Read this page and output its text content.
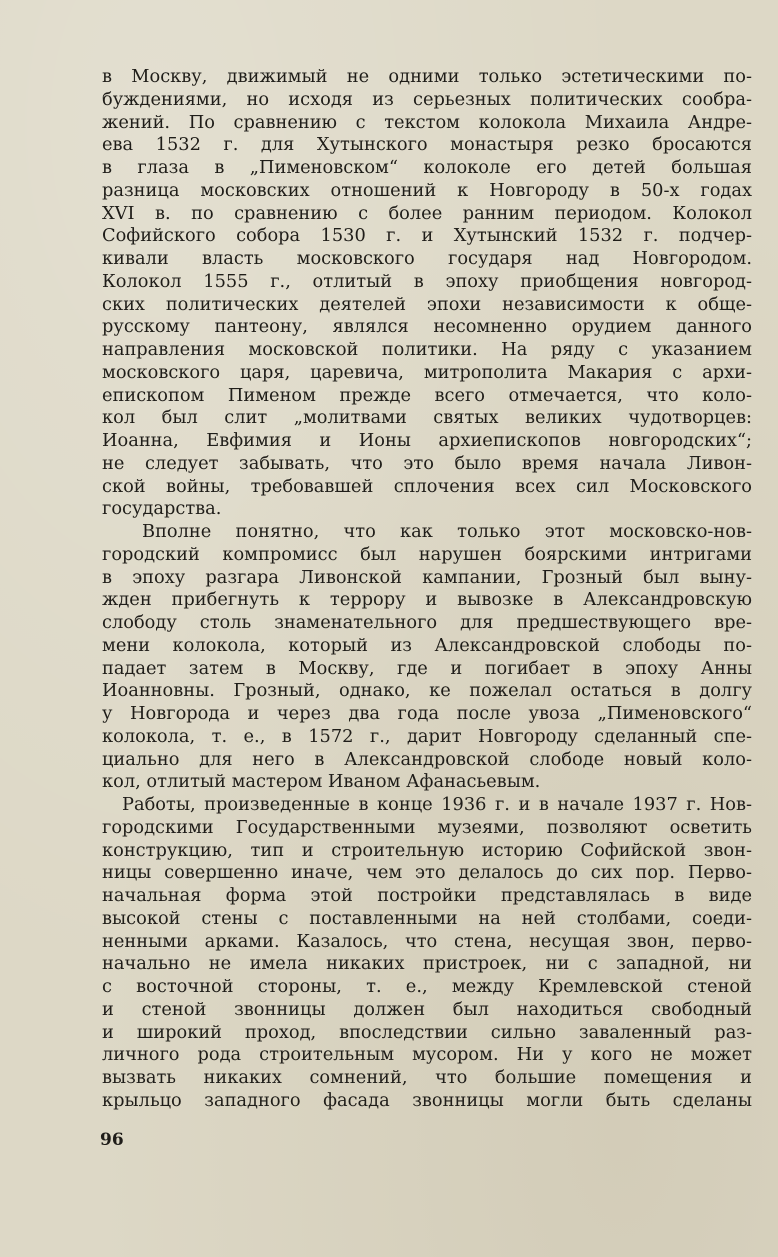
в Москву, движимый не одними только эстетическими по-
буждениями, но исходя из серьезных политических сообра-
жений. По сравнению с текстом колокола Михаила Андре-
ева 1532 г. для Хутынского монастыря резко бросаются
в глаза в „Пименовском“ колоколе его детей большая
разница московских отношений к Новгороду в 50-х годах
XVI в. по сравнению с более ранним периодом. Колокол
Софийского собора 1530 г. и Хутынский 1532 г. подчер-
кивали власть московского государя над Новгородом.
Колокол 1555 г., отлитый в эпоху приобщения новгород-
ских политических деятелей эпохи независимости к обще-
русскому пантеону, являлся несомненно орудием данного
направления московской политики. На ряду с указанием
московского царя, царевича, митрополита Макария с архи-
епископом Пименом прежде всего отмечается, что коло-
кол был слит „молитвами святых великих чудотворцев:
Иоанна, Евфимия и Ионы архиепископов новгородских“;
не следует забывать, что это было время начала Ливон-
ской войны, требовавшей сплочения всех сил Московского
государства.
Вполне понятно, что как только этот московско-нов-
городский компромисс был нарушен боярскими интригами
в эпоху разгара Ливонской кампании, Грозный был выну-
жден прибегнуть к террору и вывозке в Александровскую
слободу столь знаменательного для предшествующего вре-
мени колокола, который из Александровской слободы по-
падает затем в Москву, где и погибает в эпоху Анны
Иоанновны. Грозный, однако, ке пожелал остаться в долгу
у Новгорода и через два года после увоза „Пименовского“
колокола, т. е., в 1572 г., дарит Новгороду сделанный спе-
циально для него в Александровской слободе новый коло-
кол, отлитый мастером Иваном Афанасьевым.
Работы, произведенные в конце 1936 г. и в начале 1937 г. Нов-
городскими Государственными музеями, позволяют осветить
конструкцию, тип и строительную историю Софийской звон-
ницы совершенно иначе, чем это делалось до сих пор. Перво-
начальная форма этой постройки представлялась в виде
высокой стены с поставленными на ней столбами, соеди-
ненными арками. Казалось, что стена, несущая звон, перво-
начально не имела никаких пристроек, ни с западной, ни
с восточной стороны, т. е., между Кремлевской стеной
и стеной звонницы должен был находиться свободный
и широкий проход, впоследствии сильно заваленный раз-
личного рода строительным мусором. Ни у кого не может
вызвать никаких сомнений, что большие помещения и
крыльцо западного фасада звонницы могли быть сделаны
96
